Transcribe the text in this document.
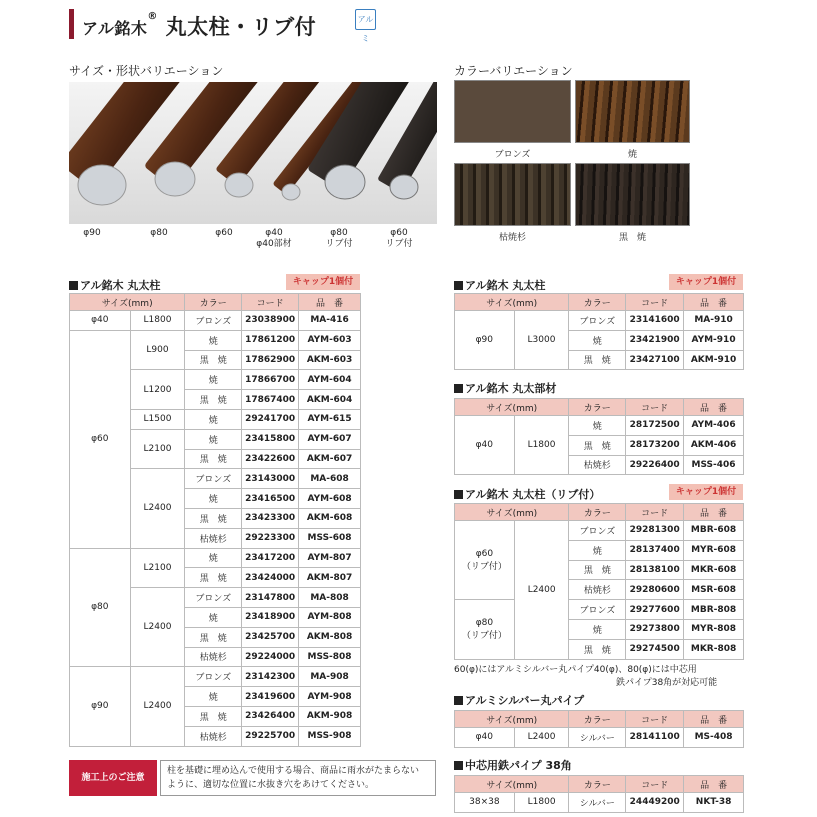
アル銘木® 丸太柱・リブ付	アルミ
サイズ・形状バリエーション
φ90	φ80	φ60	φ40
φ40部材
φ80
リブ付
φ60
リブ付
カラーバリエーション
ブロンズ	焼
枯焼杉	黒　焼
アル銘木 丸太柱	キャップ1個付
サイズ(mm)		カラー	コード	品　番
φ40	L1800	ブロンズ	23038900	MA-416
φ60	L900	焼	17861200	AYM-603
		黒　焼	17862900	AKM-603
	L1200	焼	17866700	AYM-604
		黒　焼	17867400	AKM-604
	L1500	焼	29241700	AYM-615
	L2100	焼	23415800	AYM-607
		黒　焼	23422600	AKM-607
	L2400	ブロンズ	23143000	MA-608
		焼	23416500	AYM-608
		黒　焼	23423300	AKM-608
		枯焼杉	29223300	MSS-608
φ80	L2100	焼	23417200	AYM-807
		黒　焼	23424000	AKM-807
	L2400	ブロンズ	23147800	MA-808
		焼	23418900	AYM-808
		黒　焼	23425700	AKM-808
		枯焼杉	29224000	MSS-808
φ90	L2400	ブロンズ	23142300	MA-908
		焼	23419600	AYM-908
		黒　焼	23426400	AKM-908
		枯焼杉	29225700	MSS-908
アル銘木 丸太柱	キャップ1個付
サイズ(mm)		カラー	コード	品　番
φ90	L3000	ブロンズ	23141600	MA-910
		焼	23421900	AYM-910
		黒　焼	23427100	AKM-910
アル銘木 丸太部材
サイズ(mm)		カラー	コード	品　番
φ40	L1800	焼	28172500	AYM-406
		黒　焼	28173200	AKM-406
		枯焼杉	29226400	MSS-406
アル銘木 丸太柱（リブ付）	キャップ1個付
サイズ(mm)		カラー	コード	品　番

φ60
（リブ付）	L2400	ブロンズ	29281300	MBR-608
		焼	28137400	MYR-608
		黒　焼	28138100	MKR-608
		枯焼杉	29280600	MSR-608

φ80
（リブ付）		ブロンズ	29277600	MBR-808
		焼	29273800	MYR-808
		黒　焼	29274500	MKR-808
60(φ)にはアルミシルバー丸パイプ40(φ)、80(φ)には中芯用
鉄パイプ38角が対応可能
アルミシルバー丸パイプ
サイズ(mm)		カラー	コード	品　番
φ40	L2400	シルバー	28141100	MS-408
中芯用鉄パイプ 38角
サイズ(mm)		カラー	コード	品　番
38×38	L1800	シルバー	24449200	NKT-38
施工上のご注意
柱を基礎に埋め込んで使用する場合、商品に雨水がたまらない
ように、適切な位置に水抜き穴をあけてください。
